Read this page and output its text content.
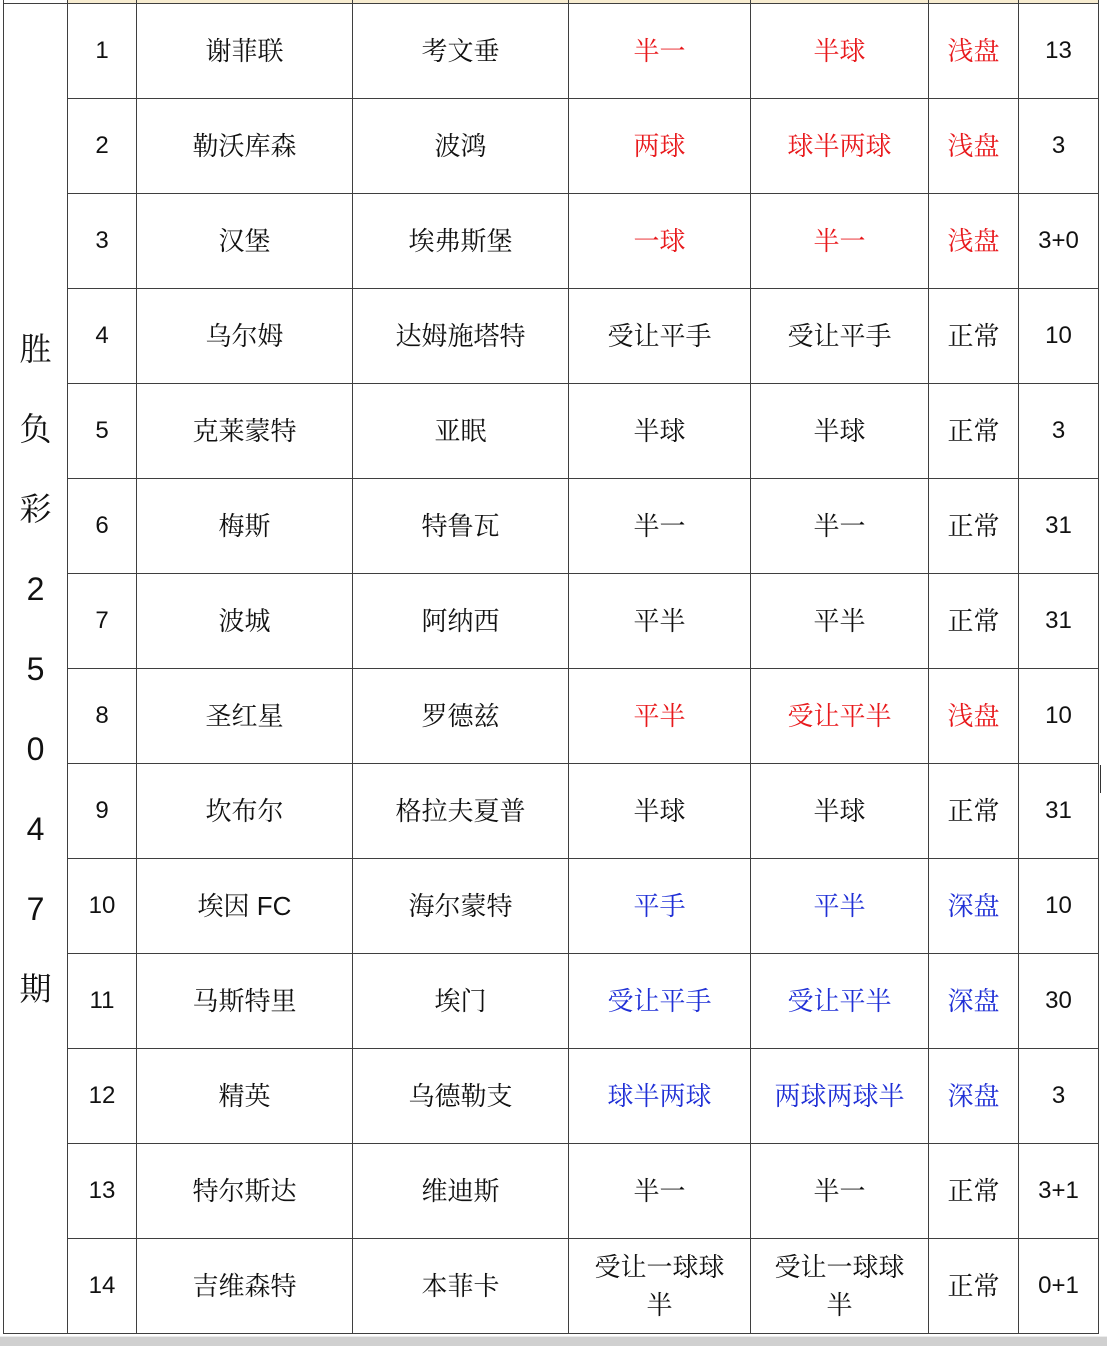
胜负彩25047期	1	谢菲联	考文垂	半一	半球	浅盘	13
	2	勒沃库森	波鸿	两球	球半两球	浅盘	3
	3	汉堡	埃弗斯堡	一球	半一	浅盘	3+0
	4	乌尔姆	达姆施塔特	受让平手	受让平手	正常	10
	5	克莱蒙特	亚眠	半球	半球	正常	3
	6	梅斯	特鲁瓦	半一	半一	正常	31
	7	波城	阿纳西	平半	平半	正常	31
	8	圣红星	罗德兹	平半	受让平半	浅盘	10
	9	坎布尔	格拉夫夏普	半球	半球	正常	31
	10	埃因 FC	海尔蒙特	平手	平半	深盘	10
	11	马斯特里	埃门	受让平手	受让平半	深盘	30
	12	精英	乌德勒支	球半两球	两球两球半	深盘	3
	13	特尔斯达	维迪斯	半一	半一	正常	3+1
	14	吉维森特	本菲卡	受让一球球半	受让一球球半	正常	0+1
